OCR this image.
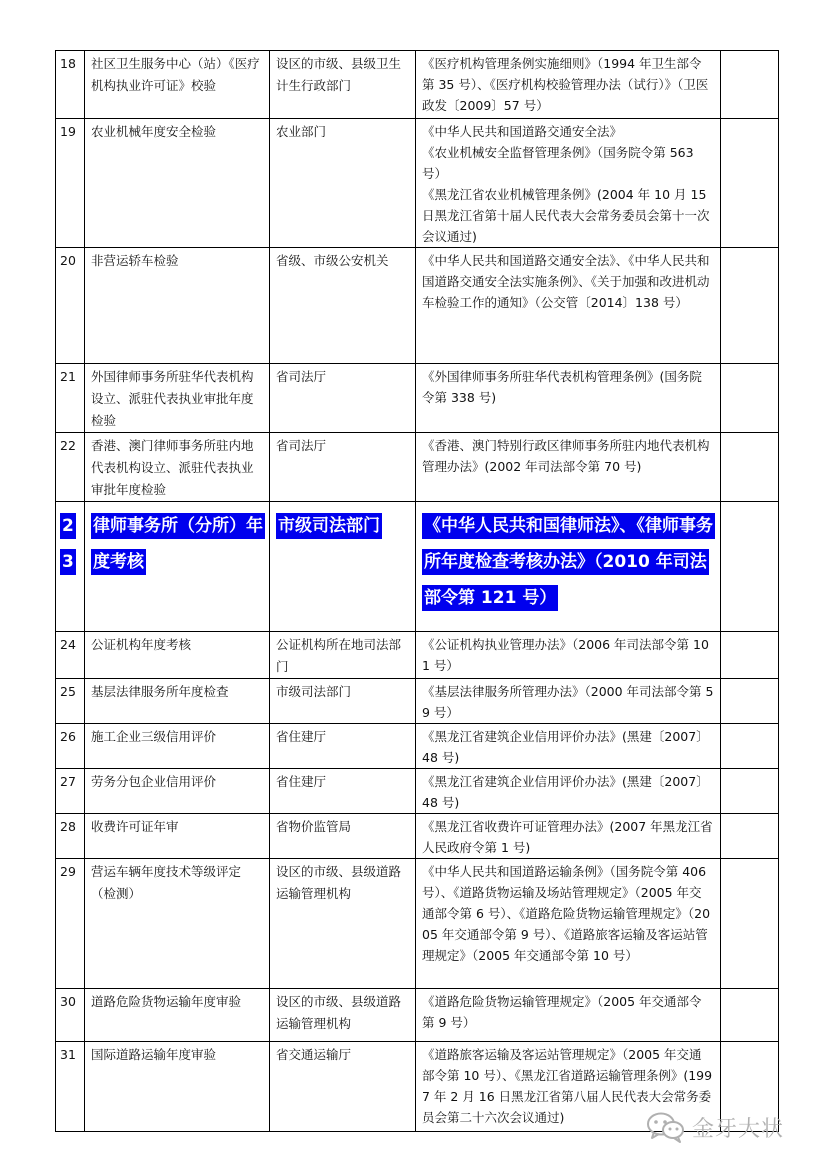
18	社区卫生服务中心（站）《医疗机构执业许可证》校验	设区的市级、县级卫生计生行政部门	《医疗机构管理条例实施细则》（1994 年卫生部令第 35 号）、《医疗机构校验管理办法（试行）》（卫医政发〔2009〕57 号）	
19	农业机械年度安全检验	农业部门	《中华人民共和国道路交通安全法》
《农业机械安全监督管理条例》（国务院令第 563 号）
《黑龙江省农业机械管理条例》(2004 年 10 月 15 日黑龙江省第十届人民代表大会常务委员会第十一次会议通过)	
20	非营运轿车检验	省级、市级公安机关	《中华人民共和国道路交通安全法》、《中华人民共和国道路交通安全法实施条例》、《关于加强和改进机动车检验工作的通知》（公交管〔2014〕138 号）	
21	外国律师事务所驻华代表机构设立、派驻代表执业审批年度检验	省司法厅	《外国律师事务所驻华代表机构管理条例》(国务院令第 338 号)	
22	香港、澳门律师事务所驻内地代表机构设立、派驻代表执业审批年度检验	省司法厅	《香港、澳门特别行政区律师事务所驻内地代表机构管理办法》(2002 年司法部令第 70 号)	
23	律师事务所（分所）年度考核	市级司法部门	《中华人民共和国律师法》、《律师事务所年度检查考核办法》（2010 年司法部令第 121 号）	
24	公证机构年度考核	公证机构所在地司法部门	《公证机构执业管理办法》（2006 年司法部令第 101 号）	
25	基层法律服务所年度检查	市级司法部门	《基层法律服务所管理办法》（2000 年司法部令第 59 号）	
26	施工企业三级信用评价	省住建厅	《黑龙江省建筑企业信用评价办法》(黑建〔2007〕48 号)	
27	劳务分包企业信用评价	省住建厅	《黑龙江省建筑企业信用评价办法》(黑建〔2007〕48 号)	
28	收费许可证年审	省物价监管局	《黑龙江省收费许可证管理办法》(2007 年黑龙江省人民政府令第 1 号)	
29	营运车辆年度技术等级评定（检测）	设区的市级、县级道路运输管理机构	《中华人民共和国道路运输条例》（国务院令第 406 号）、《道路货物运输及场站管理规定》（2005 年交通部令第 6 号）、《道路危险货物运输管理规定》（2005 年交通部令第 9 号）、《道路旅客运输及客运站管理规定》（2005 年交通部令第 10 号）	
30	道路危险货物运输年度审验	设区的市级、县级道路运输管理机构	《道路危险货物运输管理规定》（2005 年交通部令第 9 号）	
31	国际道路运输年度审验	省交通运输厅	《道路旅客运输及客运站管理规定》（2005 年交通部令第 10 号）、《黑龙江省道路运输管理条例》(1997 年 2 月 16 日黑龙江省第八届人民代表大会常务委员会第二十六次会议通过)		金牙大状
